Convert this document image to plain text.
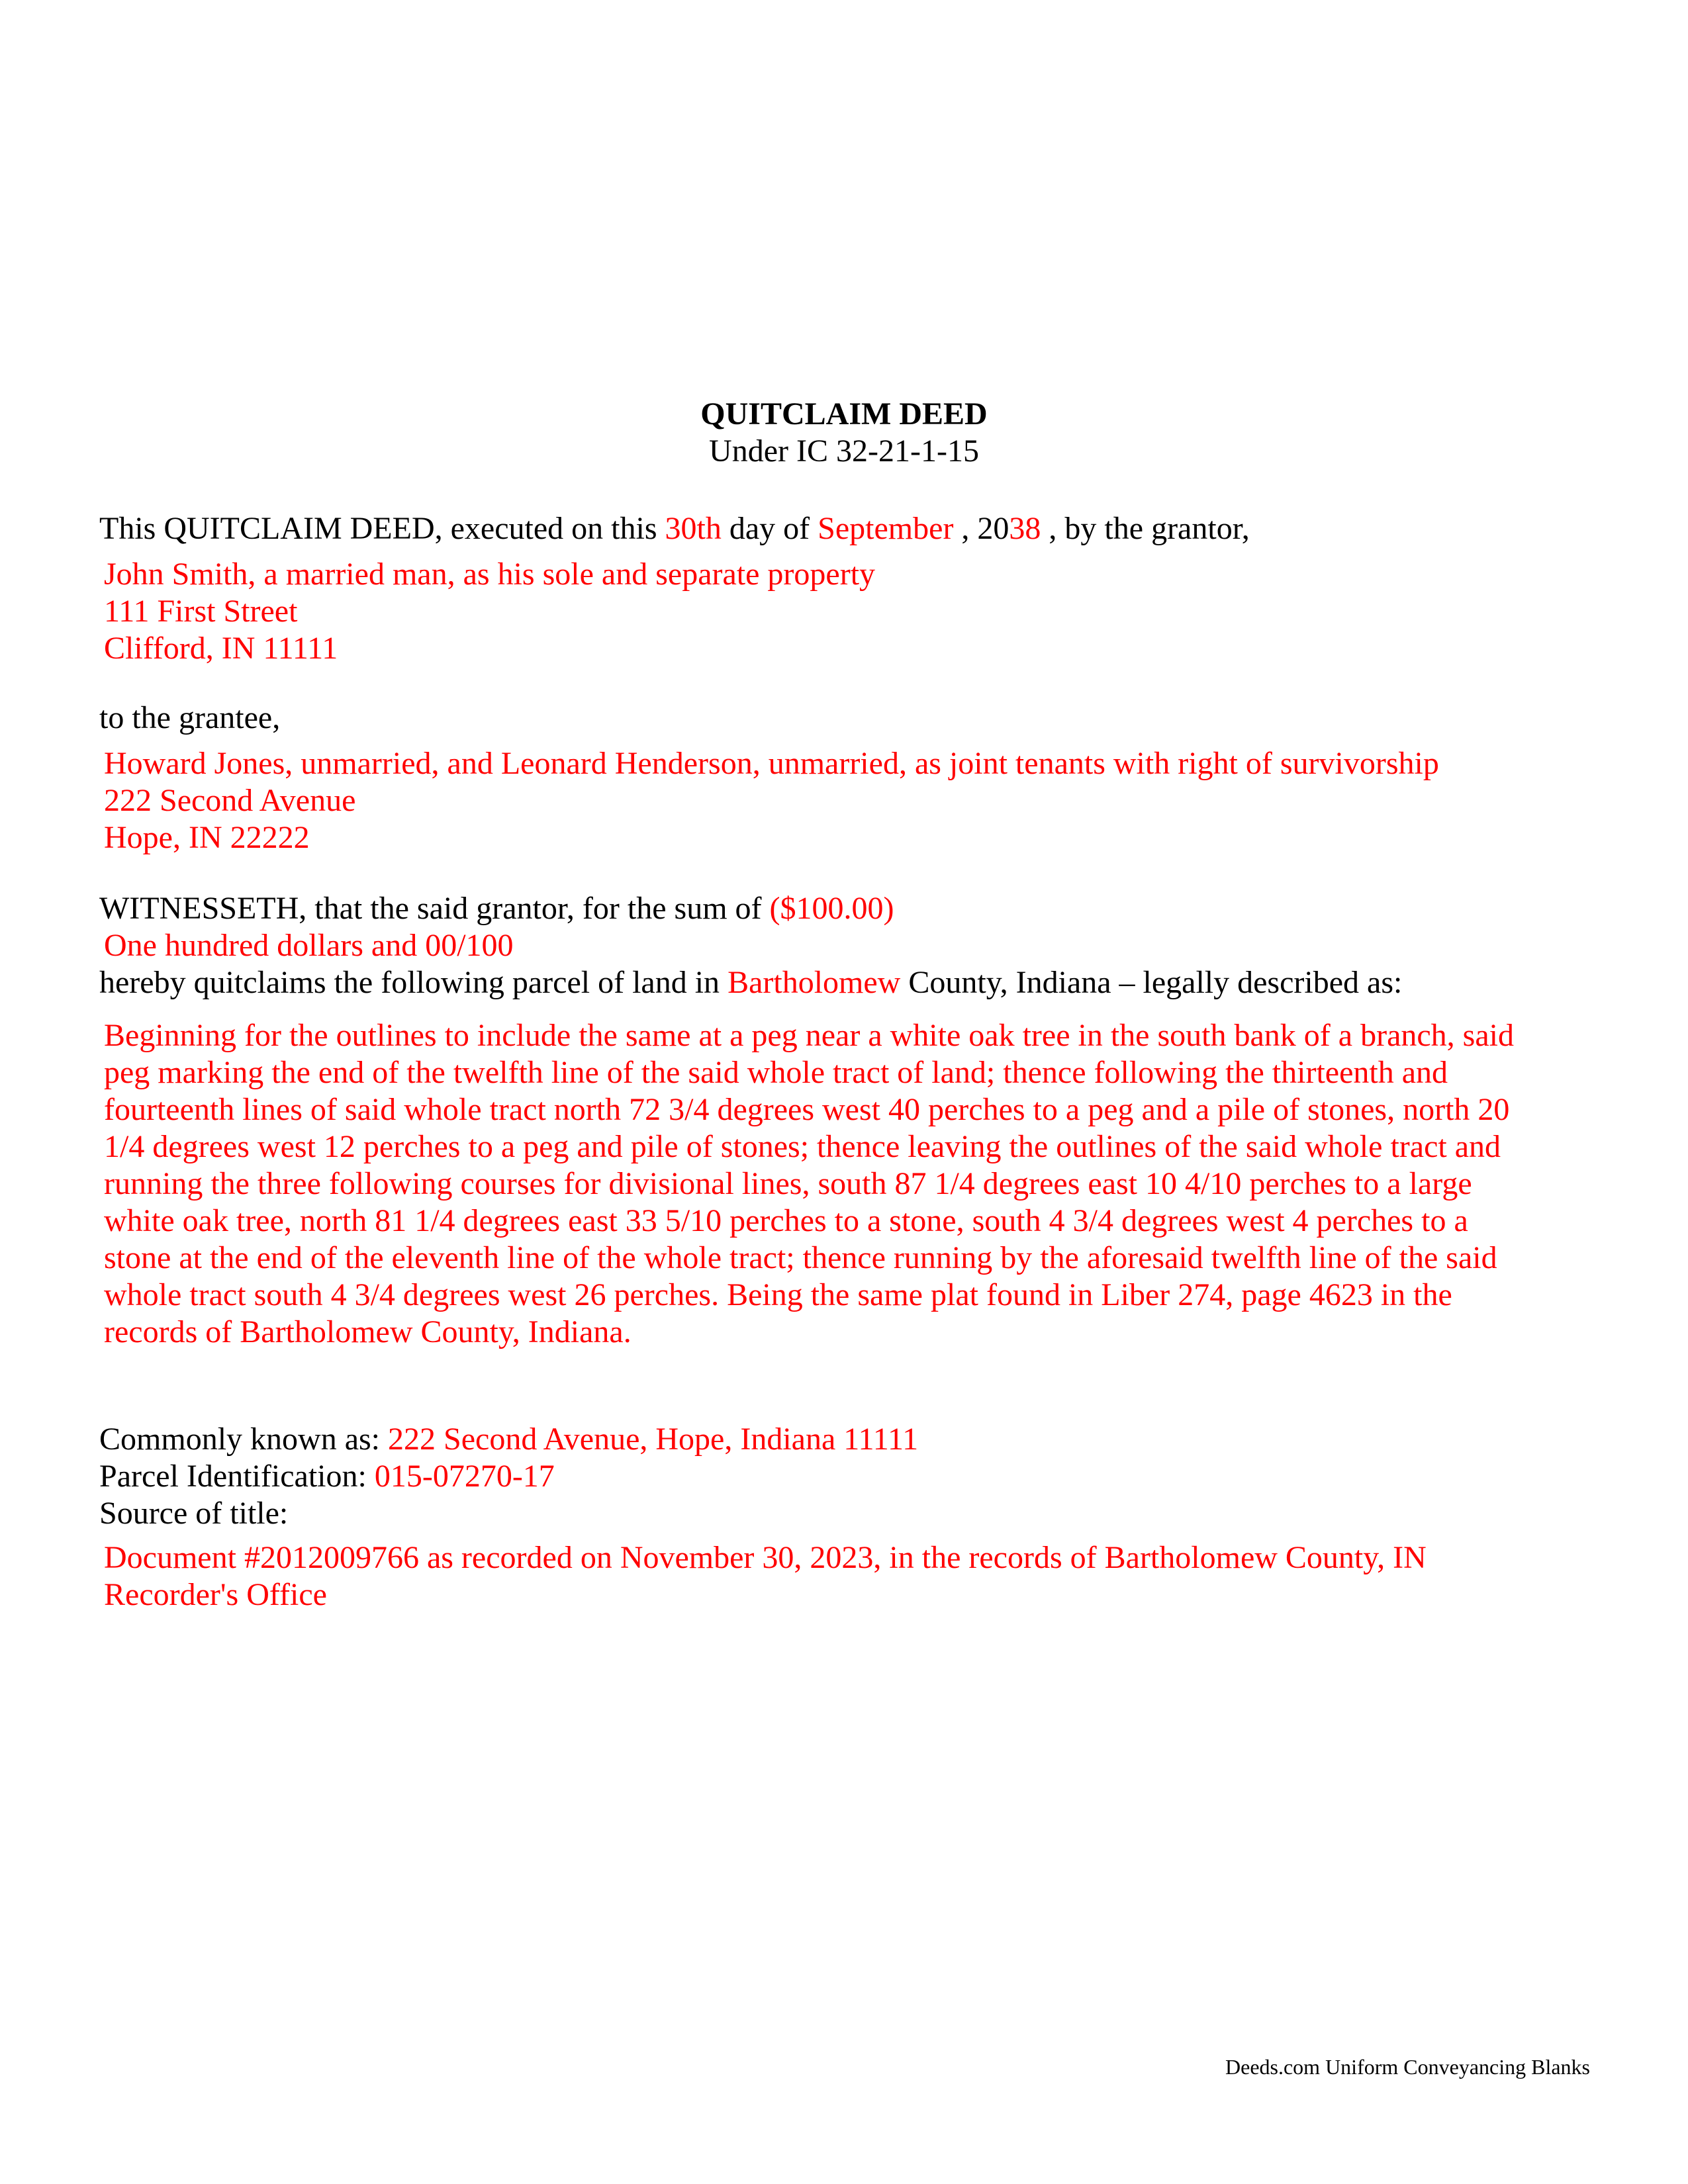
QUITCLAIM DEED
Under IC 32-21-1-15
This QUITCLAIM DEED, executed on this 30th day of September , 2038 , by the grantor,
John Smith, a married man, as his sole and separate property
111 First Street
Clifford, IN 11111
to the grantee,
Howard Jones, unmarried, and Leonard Henderson, unmarried, as joint tenants with right of survivorship
222 Second Avenue
Hope, IN 22222
WITNESSETH, that the said grantor, for the sum of ($100.00)
One hundred dollars and 00/100
hereby quitclaims the following parcel of land in Bartholomew County, Indiana – legally described as:
Beginning for the outlines to include the same at a peg near a white oak tree in the south bank of a branch, said
peg marking the end of the twelfth line of the said whole tract of land; thence following the thirteenth and
fourteenth lines of said whole tract north 72 3/4 degrees west 40 perches to a peg and a pile of stones, north 20
1/4 degrees west 12 perches to a peg and pile of stones; thence leaving the outlines of the said whole tract and
running the three following courses for divisional lines, south 87 1/4 degrees east 10 4/10 perches to a large
white oak tree, north 81 1/4 degrees east 33 5/10 perches to a stone, south 4 3/4 degrees west 4 perches to a
stone at the end of the eleventh line of the whole tract; thence running by the aforesaid twelfth line of the said
whole tract south 4 3/4 degrees west 26 perches. Being the same plat found in Liber 274, page 4623 in the
records of Bartholomew County, Indiana.
Commonly known as: 222 Second Avenue, Hope, Indiana 11111
Parcel Identification: 015-07270-17
Source of title:
Document #2012009766 as recorded on November 30, 2023, in the records of Bartholomew County, IN
Recorder's Office
Deeds.com Uniform Conveyancing Blanks
